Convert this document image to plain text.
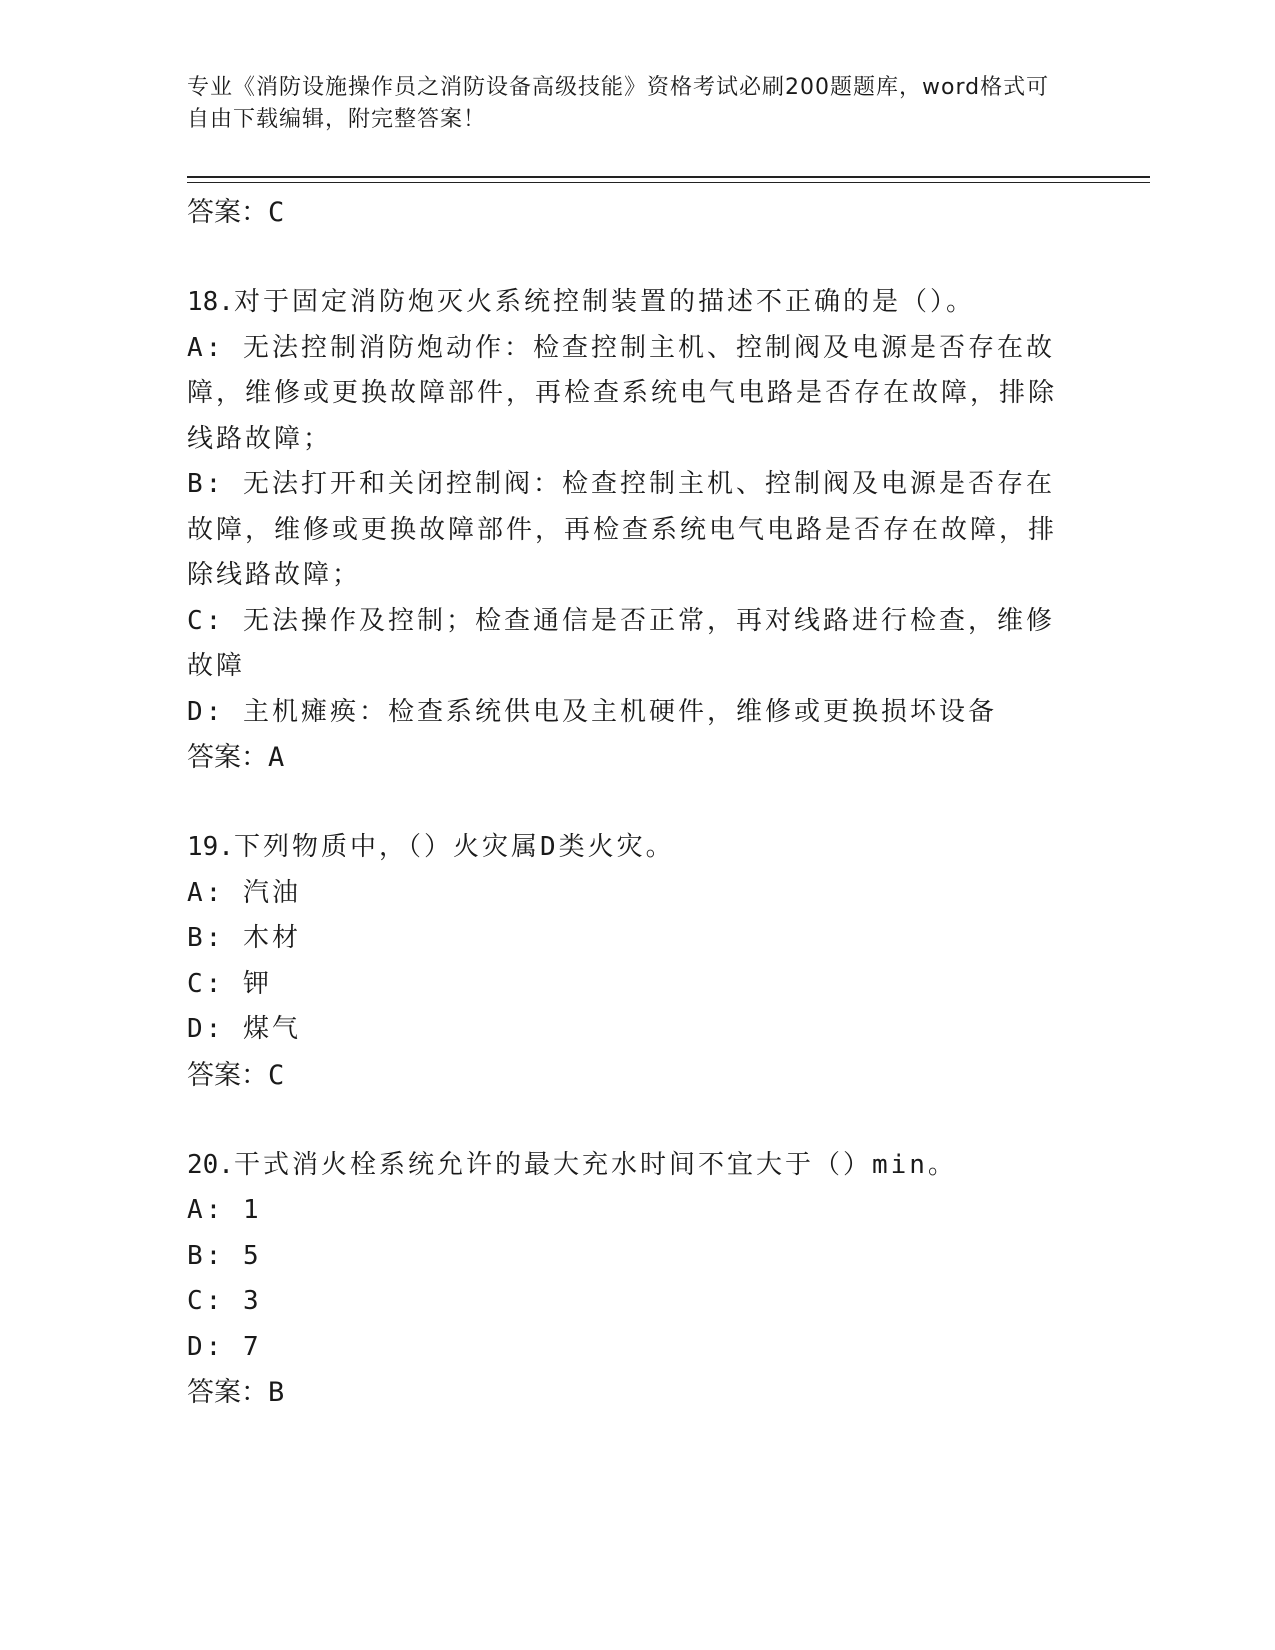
专业《消防设施操作员之消防设备高级技能》资格考试必刷200题题库，word格式可自由下载编辑，附完整答案！
答案：C
18.对于固定消防炮灭火系统控制装置的描述不正确的是（）。
A: 无法控制消防炮动作：检查控制主机、控制阀及电源是否存在故障，维修或更换故障部件，再检查系统电气电路是否存在故障，排除线路故障；
B: 无法打开和关闭控制阀：检查控制主机、控制阀及电源是否存在故障，维修或更换故障部件，再检查系统电气电路是否存在故障，排除线路故障；
C: 无法操作及控制；检查通信是否正常，再对线路进行检查，维修故障
D: 主机瘫痪：检查系统供电及主机硬件，维修或更换损坏设备
答案：A
19.下列物质中，（）火灾属D类火灾。
A: 汽油
B: 木材
C: 钾
D: 煤气
答案：C
20.干式消火栓系统允许的最大充水时间不宜大于（）min。
A: 1
B: 5
C: 3
D: 7
答案：B
